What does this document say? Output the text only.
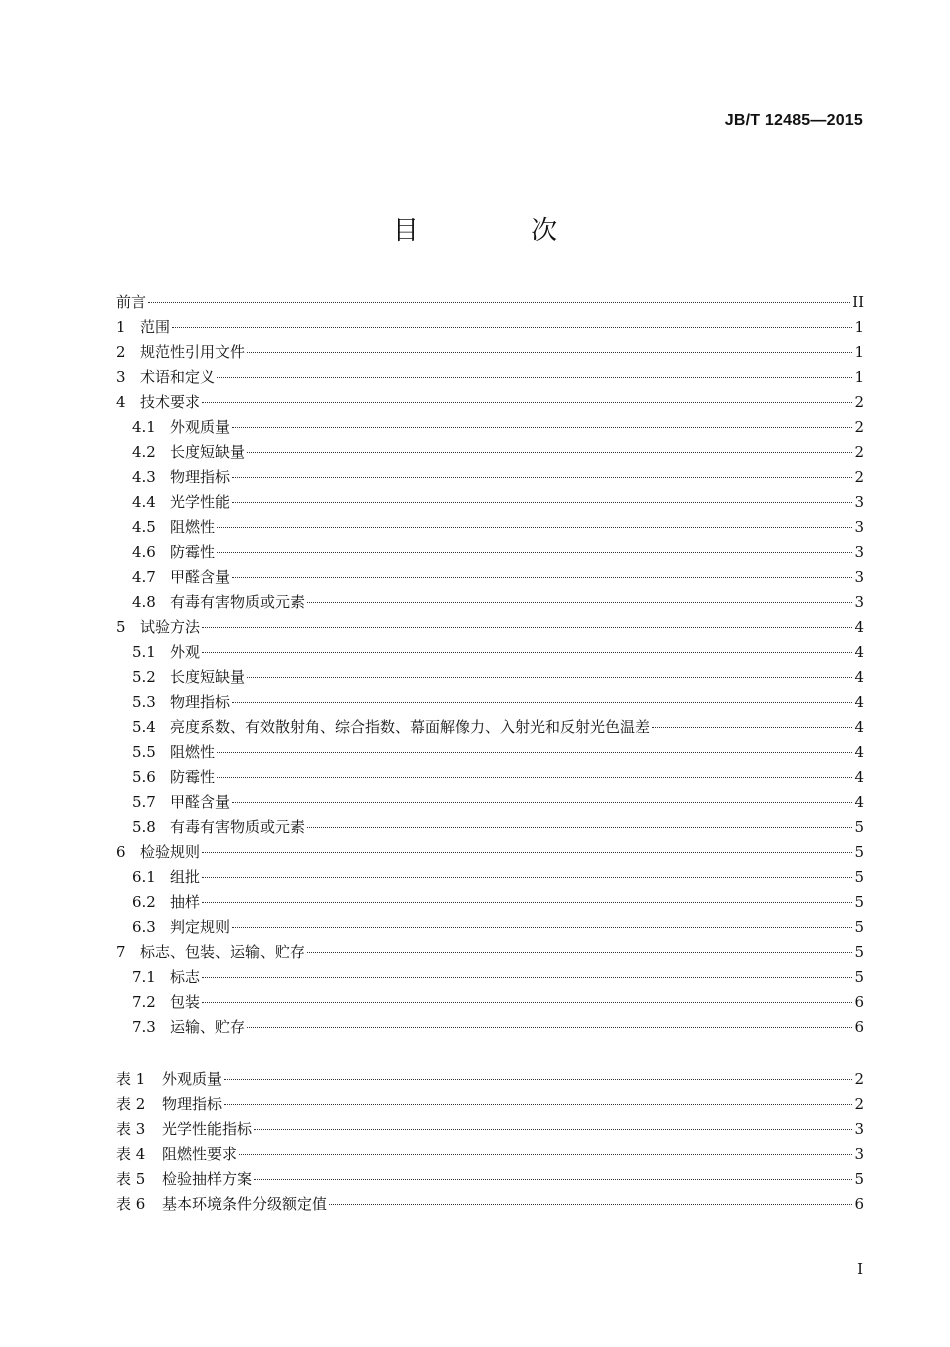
JB/T 12485—2015
目 次
前言	II
1 范围	1
2 规范性引用文件	1
3 术语和定义	1
4 技术要求	2
4.1 外观质量	2
4.2 长度短缺量	2
4.3 物理指标	2
4.4 光学性能	3
4.5 阻燃性	3
4.6 防霉性	3
4.7 甲醛含量	3
4.8 有毒有害物质或元素	3
5 试验方法	4
5.1 外观	4
5.2 长度短缺量	4
5.3 物理指标	4
5.4 亮度系数、有效散射角、综合指数、幕面解像力、入射光和反射光色温差	4
5.5 阻燃性	4
5.6 防霉性	4
5.7 甲醛含量	4
5.8 有毒有害物质或元素	5
6 检验规则	5
6.1 组批	5
6.2 抽样	5
6.3 判定规则	5
7 标志、包装、运输、贮存	5
7.1 标志	5
7.2 包装	6
7.3 运输、贮存	6
表 1	外观质量	2
表 2	物理指标	2
表 3	光学性能指标	3
表 4	阻燃性要求	3
表 5	检验抽样方案	5
表 6	基本环境条件分级额定值	6
I
